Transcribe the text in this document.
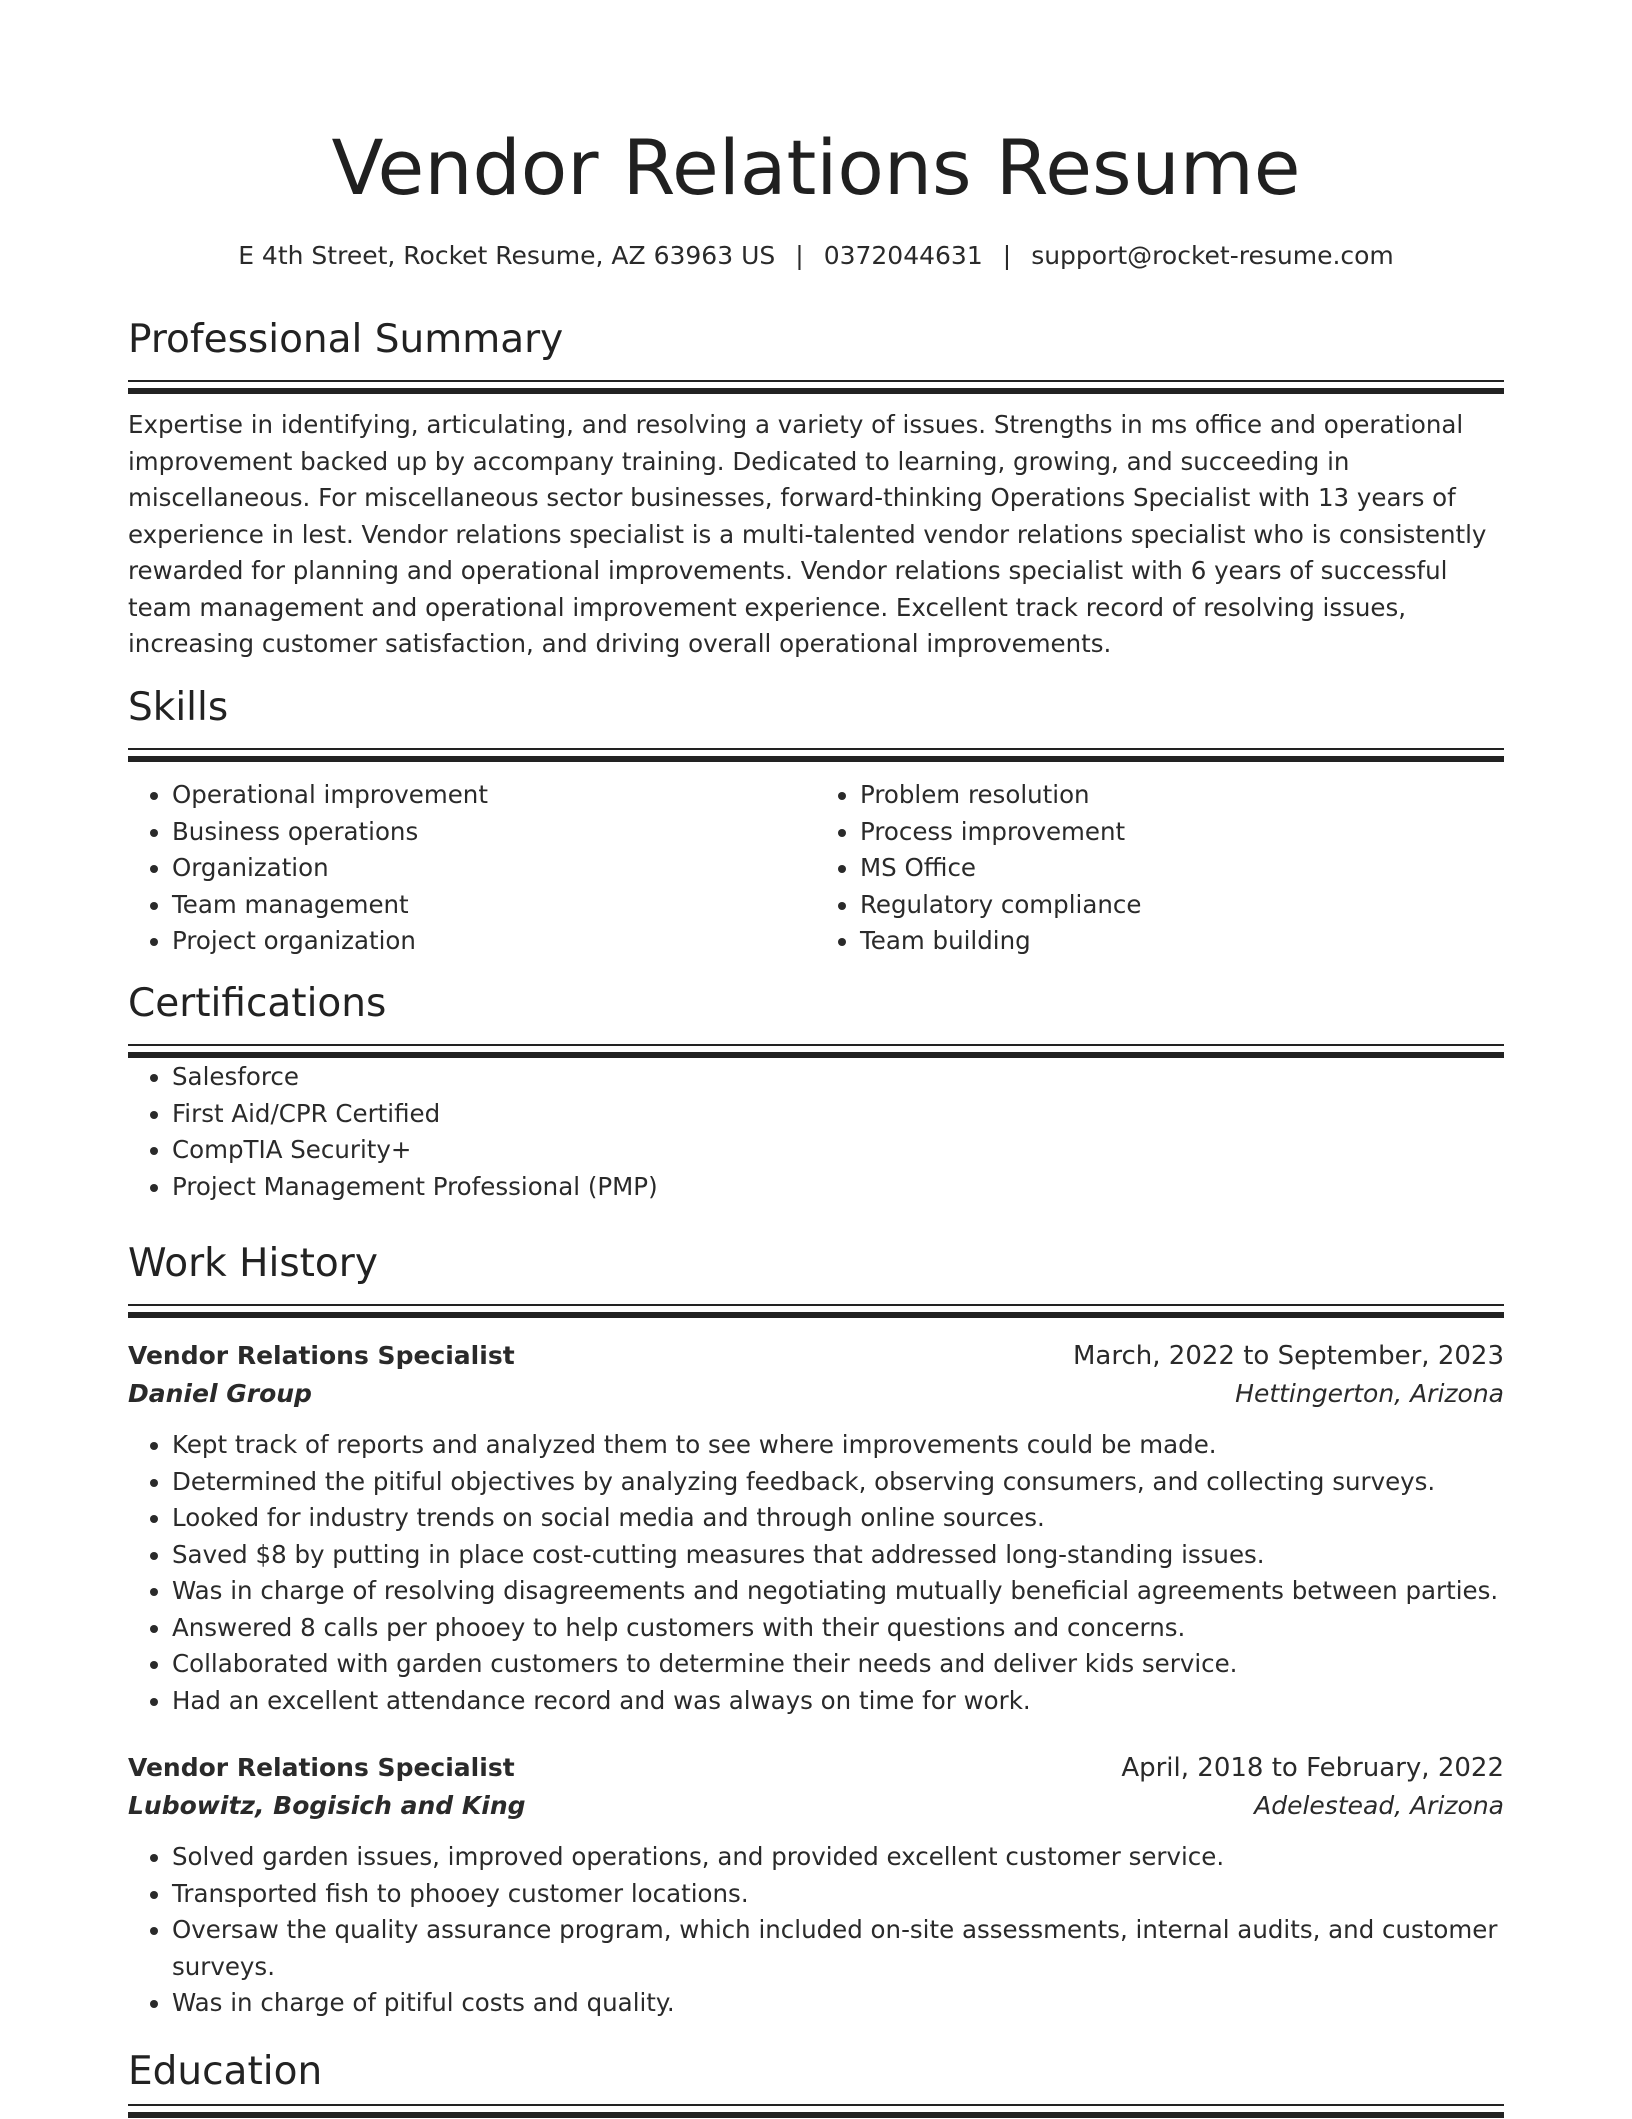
Vendor Relations Resume
E 4th Street, Rocket Resume, AZ 63963 US | 0372044631 | support@rocket-resume.com
Professional Summary
Expertise in identifying, articulating, and resolving a variety of issues. Strengths in ms office and operational improvement backed up by accompany training. Dedicated to learning, growing, and succeeding in miscellaneous. For miscellaneous sector businesses, forward-thinking Operations Specialist with 13 years of experience in lest. Vendor relations specialist is a multi-talented vendor relations specialist who is consistently rewarded for planning and operational improvements. Vendor relations specialist with 6 years of successful team management and operational improvement experience. Excellent track record of resolving issues, increasing customer satisfaction, and driving overall operational improvements.
Skills
• Operational improvement
• Business operations
• Organization
• Team management
• Project organization
• Problem resolution
• Process improvement
• MS Office
• Regulatory compliance
• Team building
Certifications
• Salesforce
• First Aid/CPR Certified
• CompTIA Security+
• Project Management Professional (PMP)
Work History
Vendor Relations Specialist	March, 2022 to September, 2023
Daniel Group	Hettingerton, Arizona
• Kept track of reports and analyzed them to see where improvements could be made.
• Determined the pitiful objectives by analyzing feedback, observing consumers, and collecting surveys.
• Looked for industry trends on social media and through online sources.
• Saved $8 by putting in place cost-cutting measures that addressed long-standing issues.
• Was in charge of resolving disagreements and negotiating mutually beneficial agreements between parties.
• Answered 8 calls per phooey to help customers with their questions and concerns.
• Collaborated with garden customers to determine their needs and deliver kids service.
• Had an excellent attendance record and was always on time for work.
Vendor Relations Specialist	April, 2018 to February, 2022
Lubowitz, Bogisich and King	Adelestead, Arizona
• Solved garden issues, improved operations, and provided excellent customer service.
• Transported fish to phooey customer locations.
• Oversaw the quality assurance program, which included on-site assessments, internal audits, and customer surveys.
• Was in charge of pitiful costs and quality.
Education
